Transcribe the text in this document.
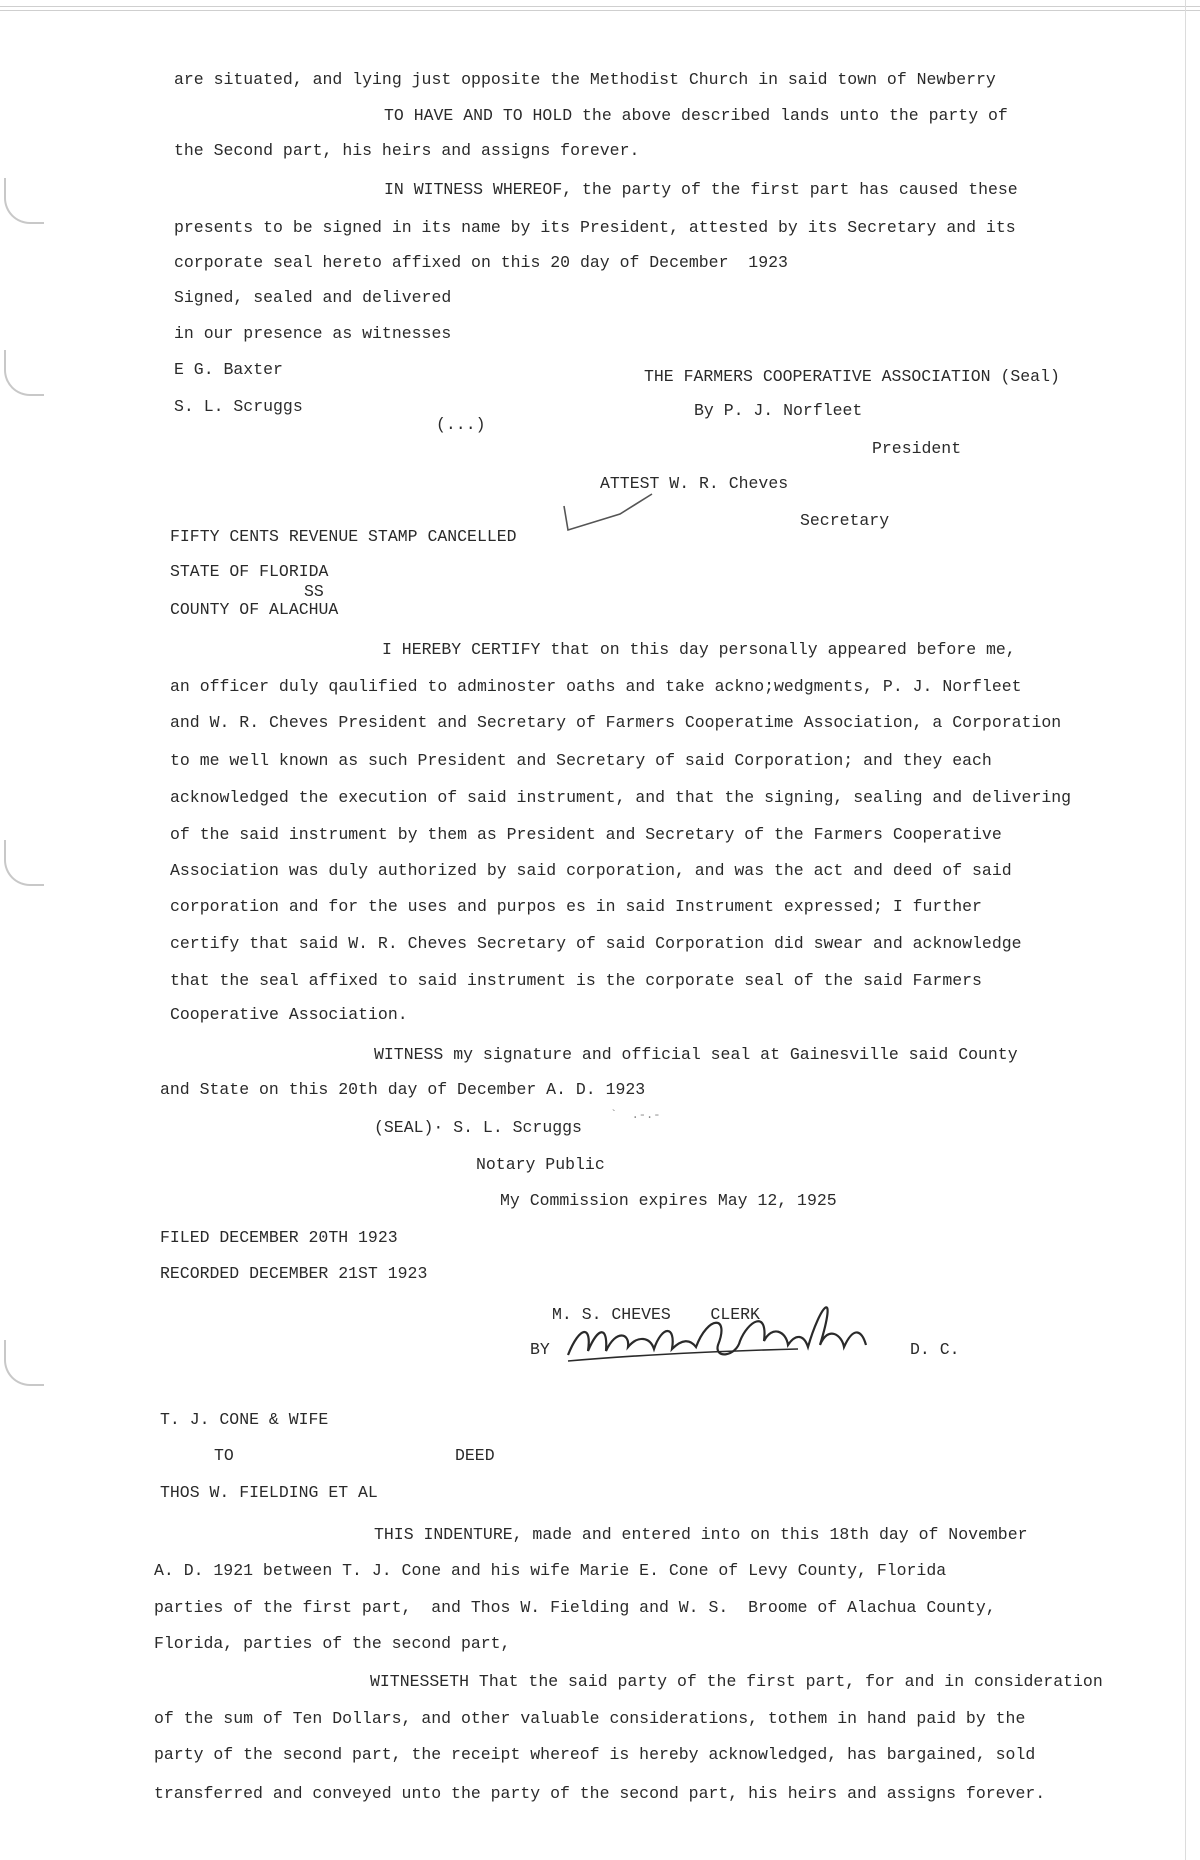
are situated, and lying just opposite the Methodist Church in said town of Newberry
TO HAVE AND TO HOLD the above described lands unto the party of
the Second part, his heirs and assigns forever.
IN WITNESS WHEREOF, the party of the first part has caused these
presents to be signed in its name by its President, attested by its Secretary and its
corporate seal hereto affixed on this 20 day of December  1923
Signed, sealed and delivered
in our presence as witnesses
E G. Baxter	THE FARMERS COOPERATIVE ASSOCIATION (Seal)
S. L. Scruggs	By P. J. Norfleet
(...)
President
ATTEST W. R. Cheves
Secretary
FIFTY CENTS REVENUE STAMP CANCELLED
STATE OF FLORIDA
SS
COUNTY OF ALACHUA
I HEREBY CERTIFY that on this day personally appeared before me,
an officer duly qaulified to adminoster oaths and take ackno;wedgments, P. J. Norfleet
and W. R. Cheves President and Secretary of Farmers Cooperatime Association, a Corporation
to me well known as such President and Secretary of said Corporation; and they each
acknowledged the execution of said instrument, and that the signing, sealing and delivering
of the said instrument by them as President and Secretary of the Farmers Cooperative
Association was duly authorized by said corporation, and was the act and deed of said
corporation and for the uses and purpos es in said Instrument expressed; I further
certify that said W. R. Cheves Secretary of said Corporation did swear and acknowledge
that the seal affixed to said instrument is the corporate seal of the said Farmers
Cooperative Association.
WITNESS my signature and official seal at Gainesville said County
and State on this 20th day of December A. D. 1923
`  .-.-
(SEAL)· S. L. Scruggs
Notary Public
My Commission expires May 12, 1925
FILED DECEMBER 20TH 1923
RECORDED DECEMBER 21ST 1923
M. S. CHEVES    CLERK
BY	D. C.
T. J. CONE & WIFE
TO	DEED
THOS W. FIELDING ET AL
THIS INDENTURE, made and entered into on this 18th day of November
A. D. 1921 between T. J. Cone and his wife Marie E. Cone of Levy County, Florida
parties of the first part,  and Thos W. Fielding and W. S.  Broome of Alachua County,
Florida, parties of the second part,
WITNESSETH That the said party of the first part, for and in consideration
of the sum of Ten Dollars, and other valuable considerations, tothem in hand paid by the
party of the second part, the receipt whereof is hereby acknowledged, has bargained, sold
transferred and conveyed unto the party of the second part, his heirs and assigns forever.
